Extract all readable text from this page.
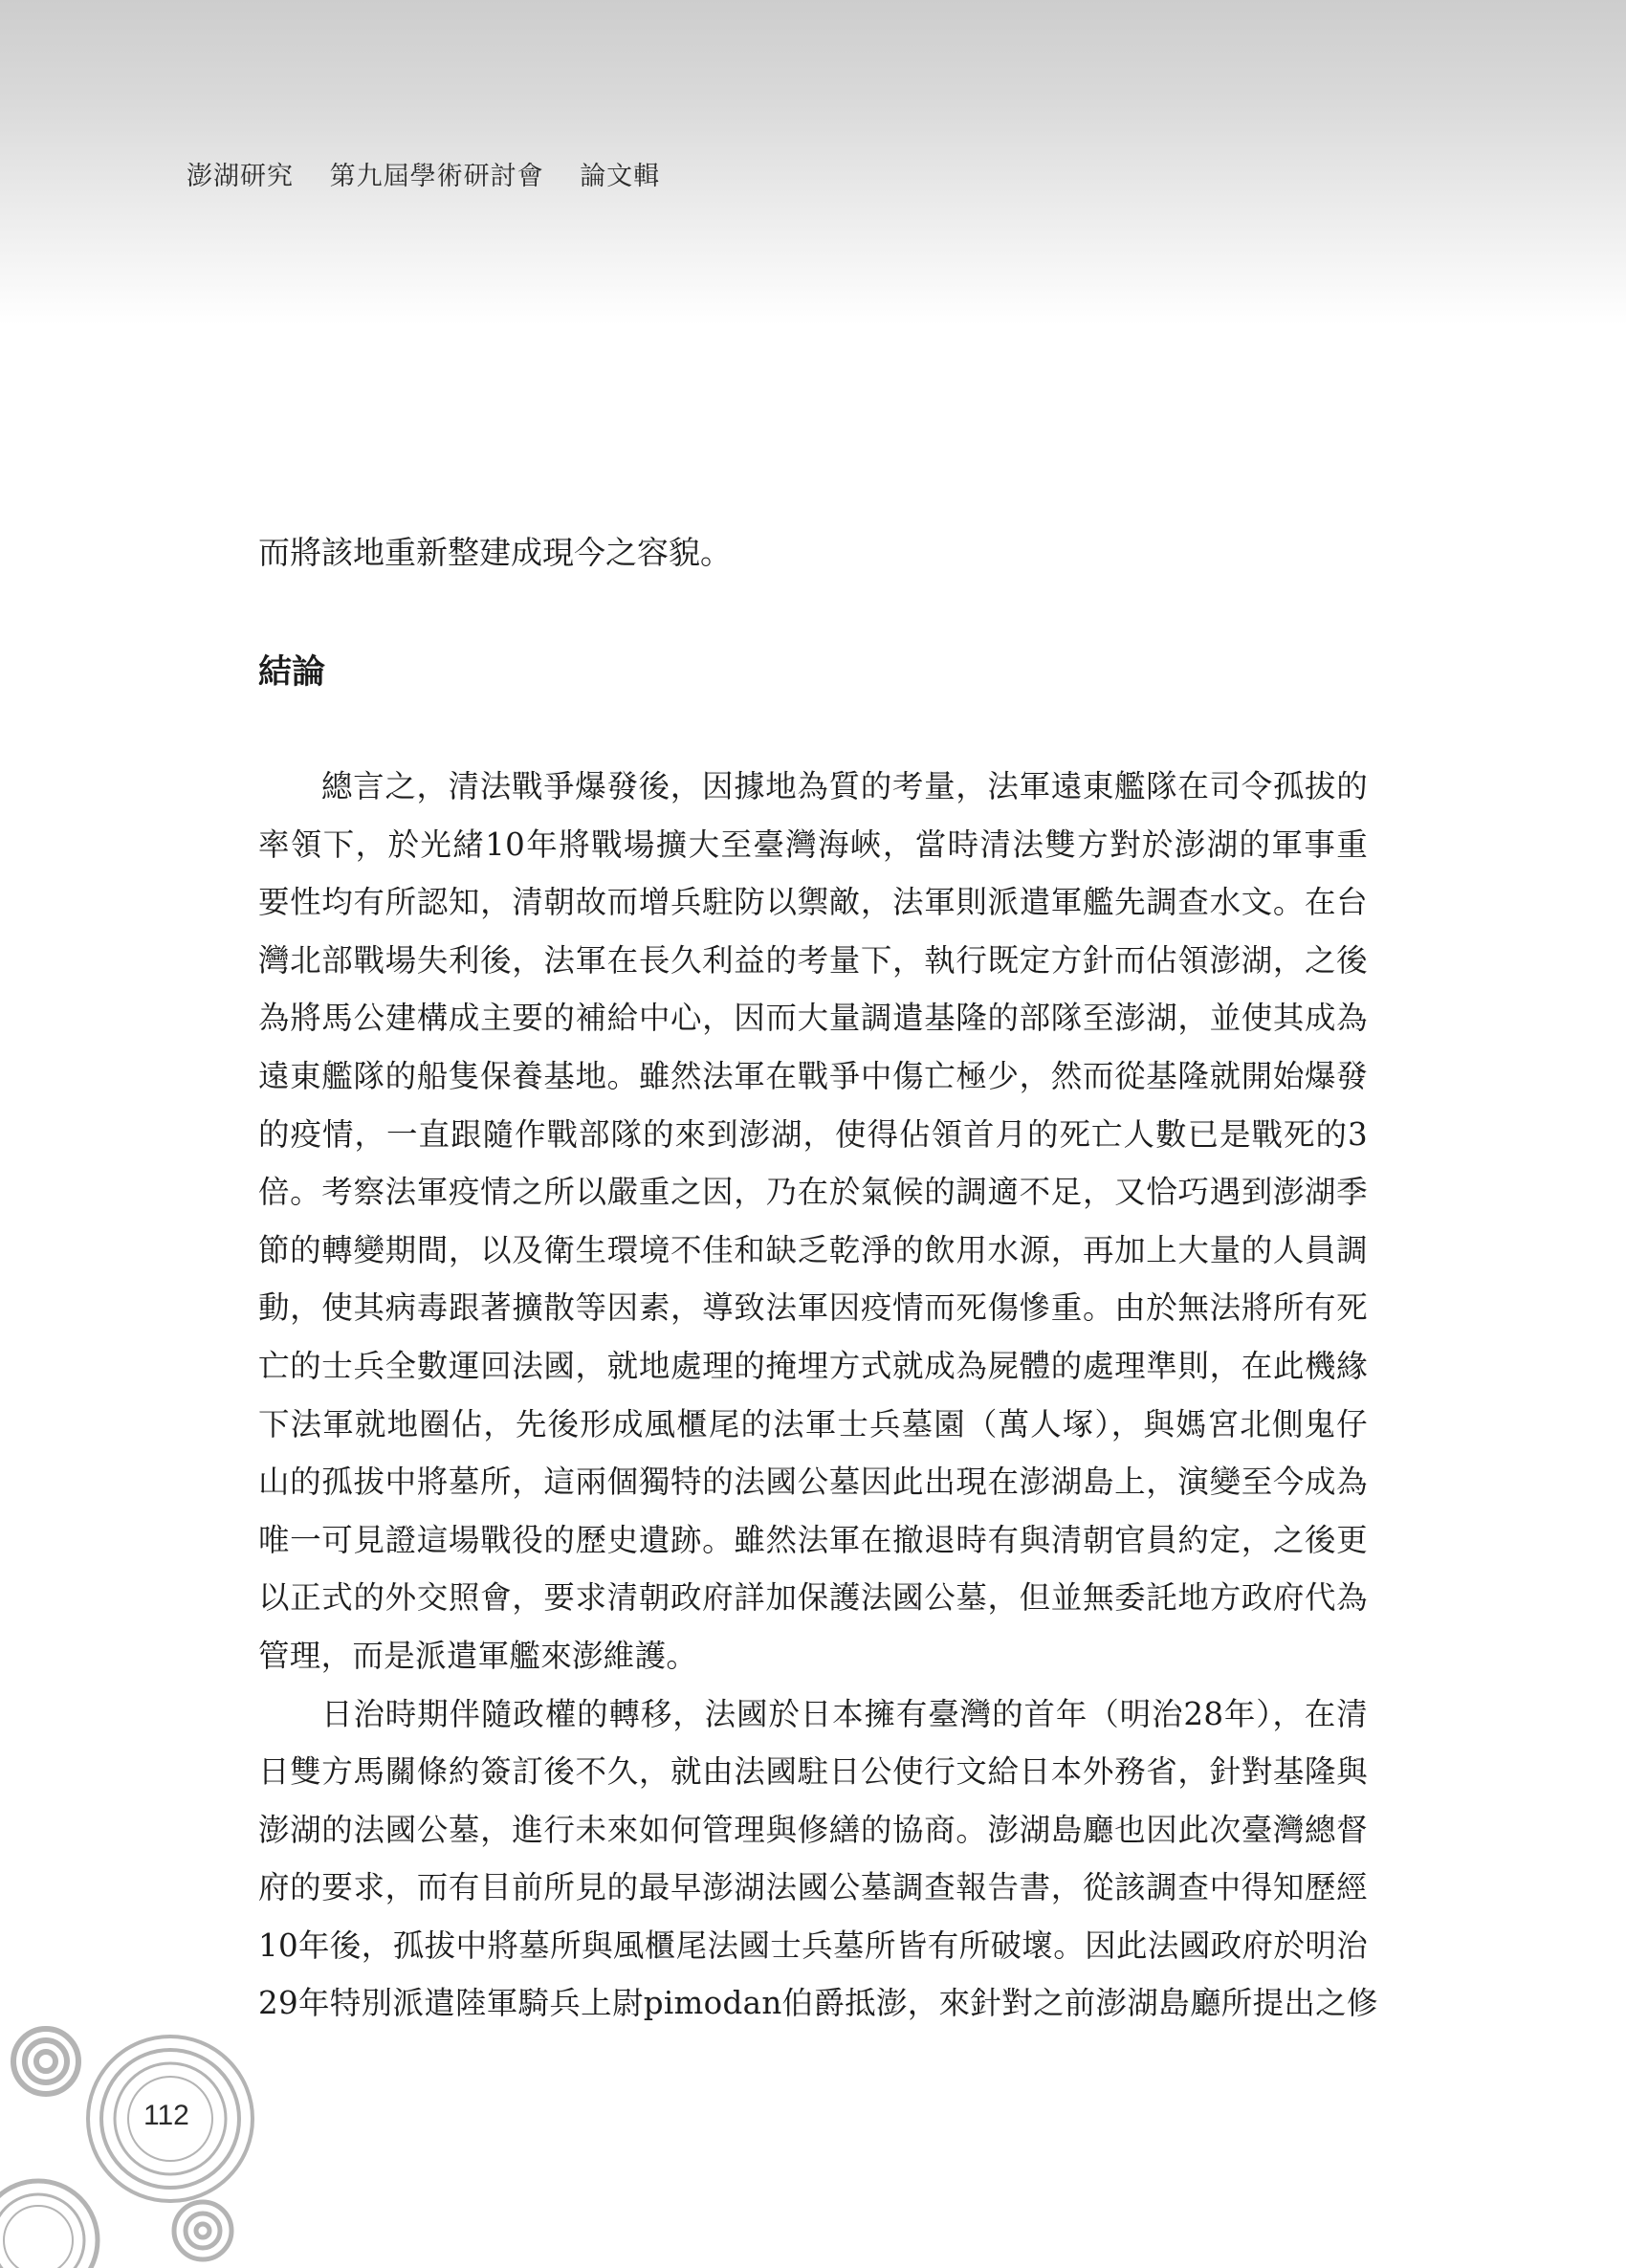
澎湖研究 第九屆學術研討會 論文輯

而將該地重新整建成現今之容貌。

結論
總言之，清法戰爭爆發後，因據地為質的考量，法軍遠東艦隊在司令孤拔的
率領下，於光緒10年將戰場擴大至臺灣海峽，當時清法雙方對於澎湖的軍事重
要性均有所認知，清朝故而增兵駐防以禦敵，法軍則派遣軍艦先調查水文。在台
灣北部戰場失利後，法軍在長久利益的考量下，執行既定方針而佔領澎湖，之後
為將馬公建構成主要的補給中心，因而大量調遣基隆的部隊至澎湖，並使其成為
遠東艦隊的船隻保養基地。雖然法軍在戰爭中傷亡極少，然而從基隆就開始爆發
的疫情，一直跟隨作戰部隊的來到澎湖，使得佔領首月的死亡人數已是戰死的3
倍。考察法軍疫情之所以嚴重之因，乃在於氣候的調適不足，又恰巧遇到澎湖季
節的轉變期間，以及衛生環境不佳和缺乏乾淨的飲用水源，再加上大量的人員調
動，使其病毒跟著擴散等因素，導致法軍因疫情而死傷慘重。由於無法將所有死
亡的士兵全數運回法國，就地處理的掩埋方式就成為屍體的處理準則，在此機緣
下法軍就地圈佔，先後形成風櫃尾的法軍士兵墓園（萬人塚），與媽宮北側鬼仔
山的孤拔中將墓所，這兩個獨特的法國公墓因此出現在澎湖島上，演變至今成為
唯一可見證這場戰役的歷史遺跡。雖然法軍在撤退時有與清朝官員約定，之後更
以正式的外交照會，要求清朝政府詳加保護法國公墓，但並無委託地方政府代為
管理，而是派遣軍艦來澎維護。
日治時期伴隨政權的轉移，法國於日本擁有臺灣的首年（明治28年），在清
日雙方馬關條約簽訂後不久，就由法國駐日公使行文給日本外務省，針對基隆與
澎湖的法國公墓，進行未來如何管理與修繕的協商。澎湖島廳也因此次臺灣總督
府的要求，而有目前所見的最早澎湖法國公墓調查報告書，從該調查中得知歷經
10年後，孤拔中將墓所與風櫃尾法國士兵墓所皆有所破壞。因此法國政府於明治
29年特別派遣陸軍騎兵上尉pimodan伯爵抵澎，來針對之前澎湖島廳所提出之修
112
